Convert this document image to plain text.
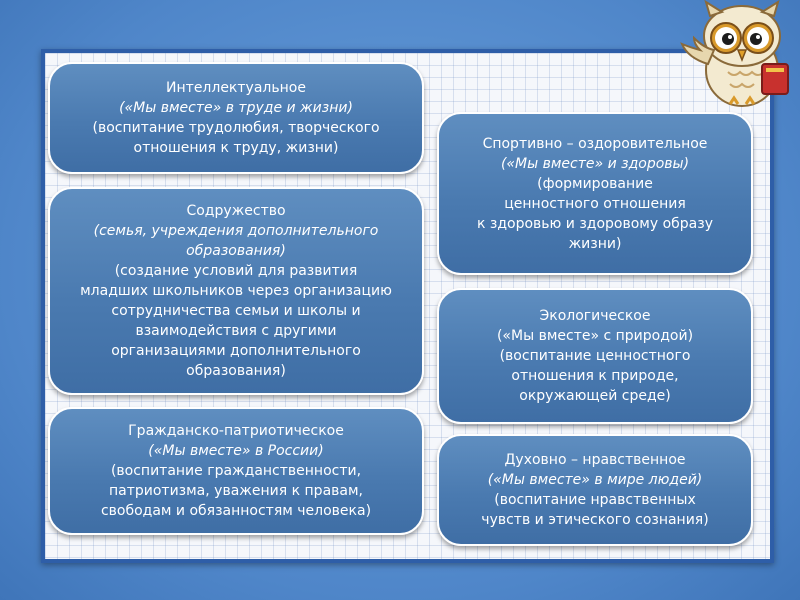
Интеллектуальное
(«Мы вместе» в труде и жизни)
(воспитание трудолюбия, творческого
отношения к труду, жизни)
Содружество
(семья, учреждения дополнительного
образования)
(создание условий для развития
младших школьников через организацию
сотрудничества семьи и школы и
взаимодействия с другими
организациями дополнительного
образования)
Гражданско-патриотическое
(«Мы вместе» в России)
(воспитание гражданственности,
патриотизма, уважения к правам,
свободам и обязанностям человека)
Спортивно – оздоровительное
(«Мы вместе» и здоровы)
(формирование
ценностного отношения
к здоровью и здоровому образу
жизни)
Экологическое
(«Мы вместе» с природой)
(воспитание ценностного
отношения к природе,
окружающей среде)
Духовно – нравственное
(«Мы вместе» в мире людей)
(воспитание нравственных
чувств и этического сознания)
